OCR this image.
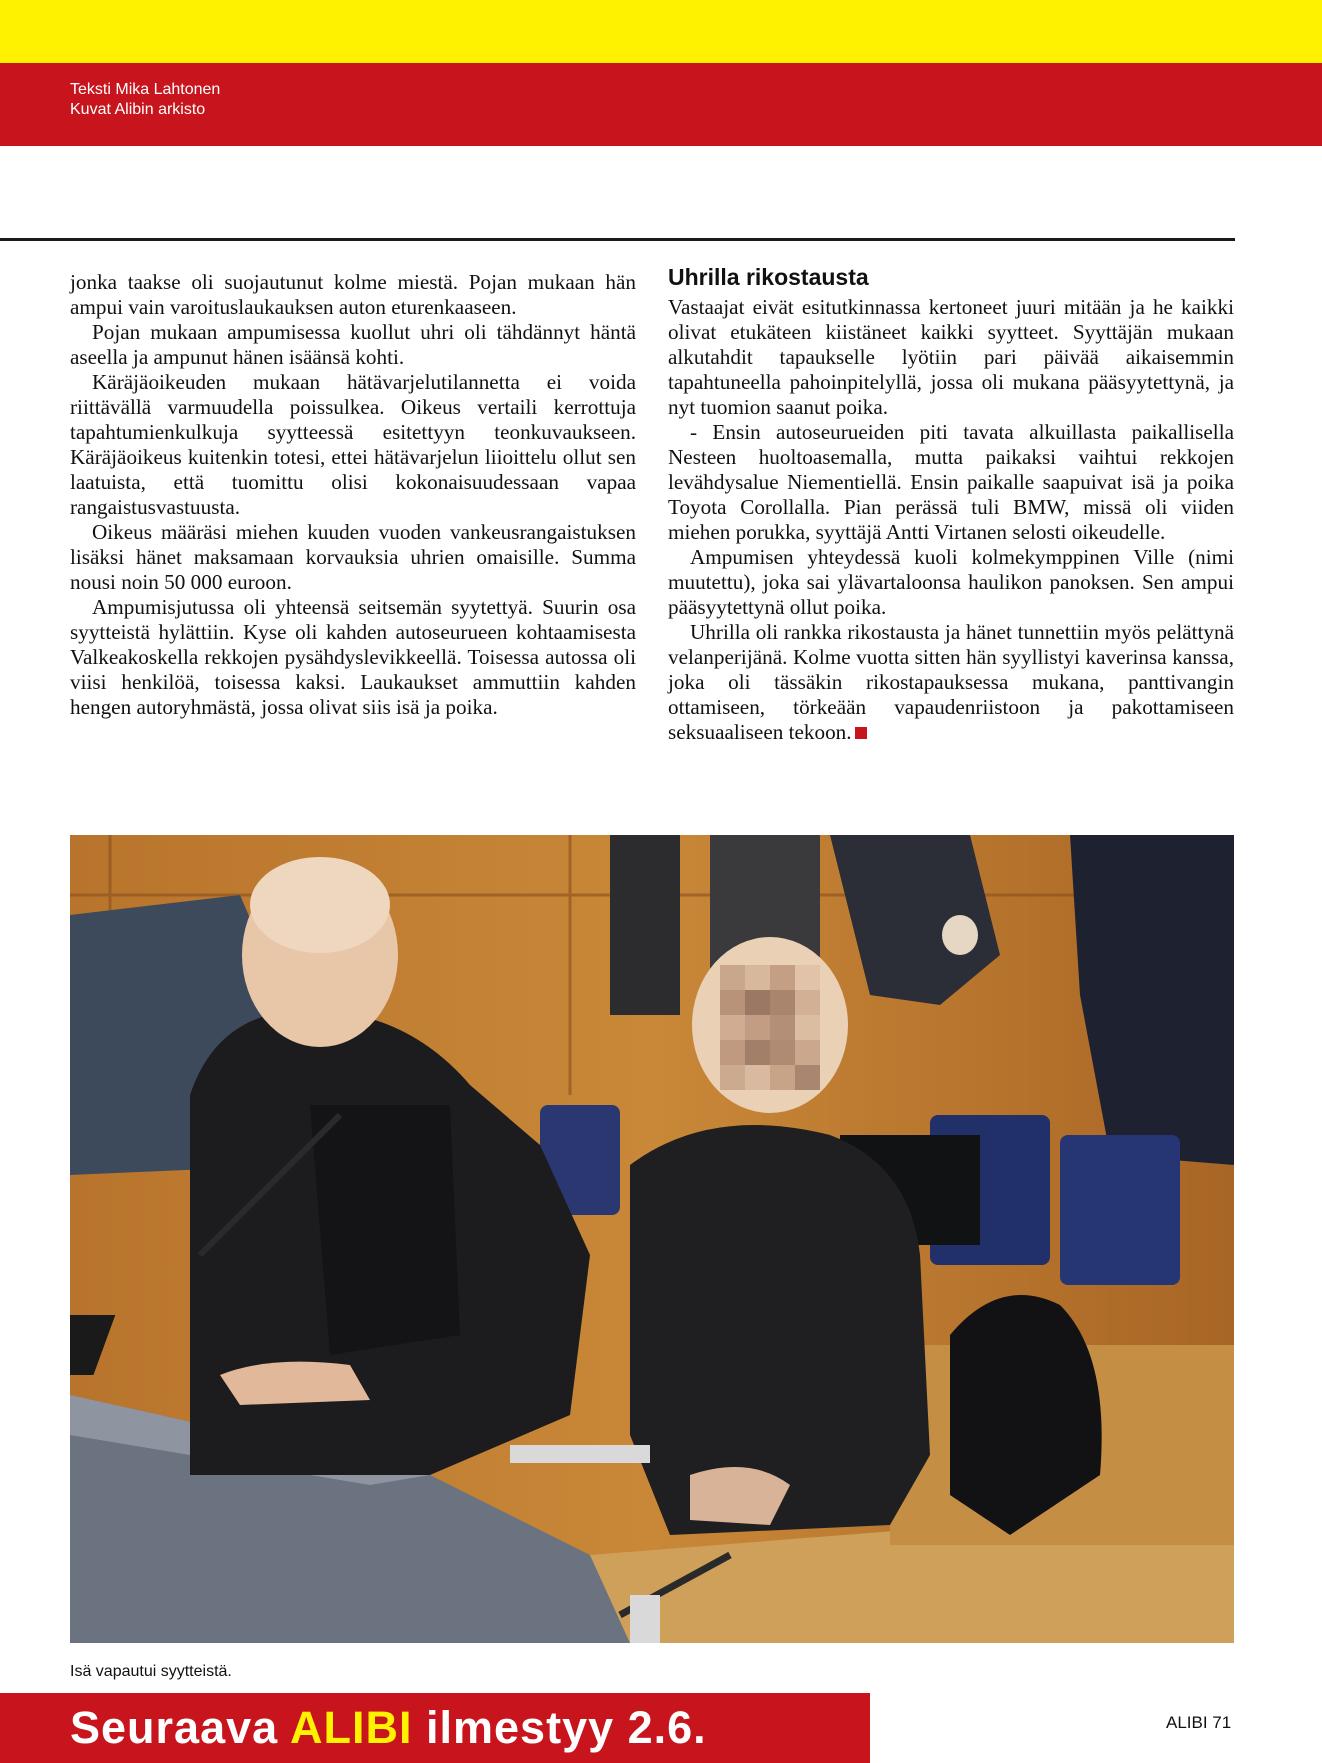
Teksti Mika Lahtonen
Kuvat Alibin arkisto

jonka taakse oli suojautunut kolme miestä. Pojan mukaan hän ampui vain varoituslaukauksen auton eturenkaaseen.

Pojan mukaan ampumisessa kuollut uhri oli tähdännyt häntä aseella ja ampunut hänen isäänsä kohti.

Käräjäoikeuden mukaan hätävarjelutilannetta ei voida riittävällä varmuudella poissulkea. Oikeus vertaili kerrottuja tapahtumienkulkuja syytteessä esitettyyn teonkuvaukseen. Käräjäoikeus kuitenkin totesi, ettei hätävarjelun liioittelu ollut sen laatuista, että tuomittu olisi kokonaisuudessaan vapaa rangaistusvastuusta.

Oikeus määräsi miehen kuuden vuoden vankeusrangaistuksen lisäksi hänet maksamaan korvauksia uhrien omaisille. Summa nousi noin 50 000 euroon.

Ampumisjutussa oli yhteensä seitsemän syytettyä. Suurin osa syytteistä hylättiin. Kyse oli kahden autoseurueen kohtaamisesta Valkeakoskella rekkojen pysähdyslevikkeellä. Toisessa autossa oli viisi henkilöä, toisessa kaksi. Laukaukset ammuttiin kahden hengen autoryhmästä, jossa olivat siis isä ja poika.

Uhrilla rikostausta

Vastaajat eivät esitutkinnassa kertoneet juuri mitään ja he kaikki olivat etukäteen kiistäneet kaikki syytteet. Syyttäjän mukaan alkutahdit tapaukselle lyötiin pari päivää aikaisemmin tapahtuneella pahoinpitelyllä, jossa oli mukana pääsyytettynä, ja nyt tuomion saanut poika.

- Ensin autoseurueiden piti tavata alkuillasta paikallisella Nesteen huoltoasemalla, mutta paikaksi vaihtui rekkojen levähdysalue Niementiellä. Ensin paikalle saapuivat isä ja poika Toyota Corollalla. Pian perässä tuli BMW, missä oli viiden miehen porukka, syyttäjä Antti Virtanen selosti oikeudelle.

Ampumisen yhteydessä kuoli kolmekymppinen Ville (nimi muutettu), joka sai ylävartaloonsa haulikon panoksen. Sen ampui pääsyytettynä ollut poika.

Uhrilla oli rankka rikostausta ja hänet tunnettiin myös pelättynä velanperijänä. Kolme vuotta sitten hän syyllistyi kaverinsa kanssa, joka oli tässäkin rikostapauksessa mukana, panttivangin ottamiseen, törkeään vapaudenriistoon ja pakottamiseen seksuaaliseen tekoon.

Isä vapautui syytteistä.
Seuraava ALIBI ilmestyy 2.6.	ALIBI 71
